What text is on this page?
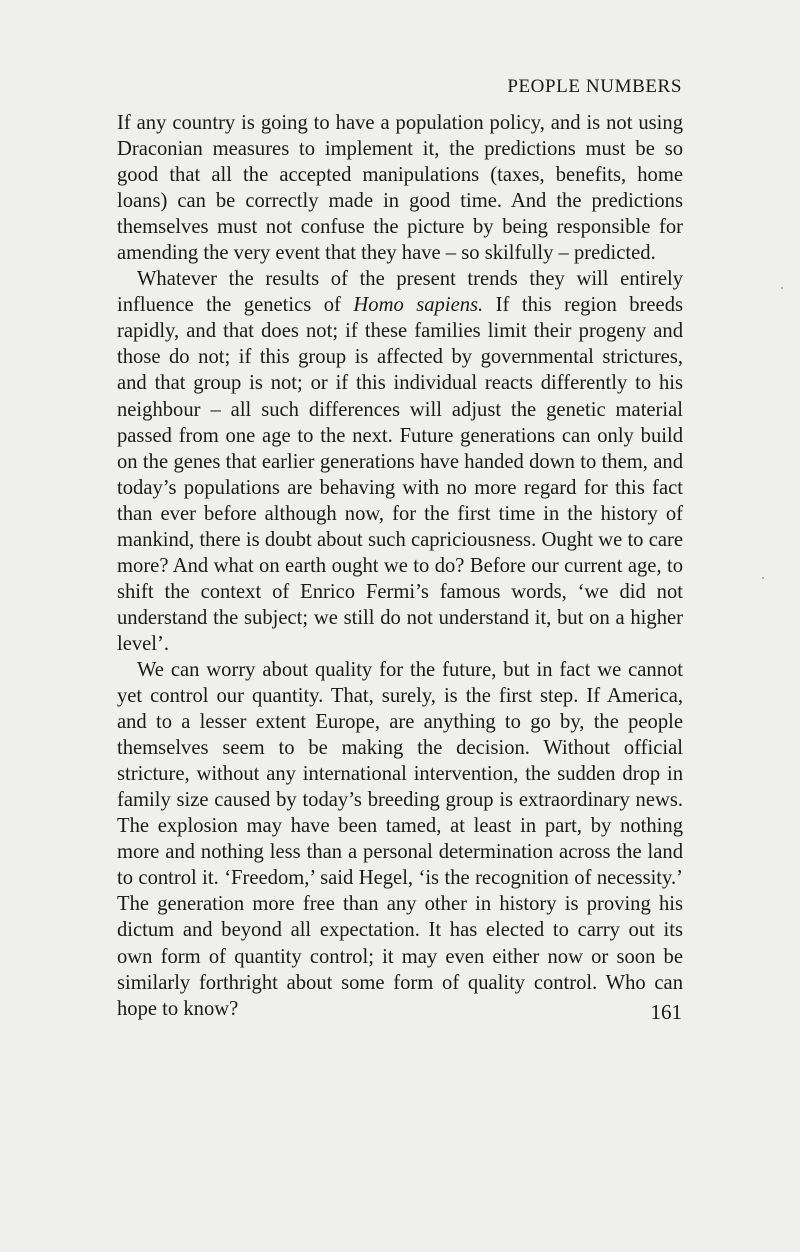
PEOPLE NUMBERS

If any country is going to have a population policy, and is not using Draconian measures to implement it, the predictions must be so good that all the accepted manipulations (taxes, benefits, home loans) can be correctly made in good time. And the predictions themselves must not confuse the picture by being responsible for amending the very event that they have – so skilfully – predicted.

Whatever the results of the present trends they will entirely influence the genetics of Homo sapiens. If this region breeds rapidly, and that does not; if these families limit their progeny and those do not; if this group is affected by governmental strictures, and that group is not; or if this individual reacts differently to his neighbour – all such differences will adjust the genetic material passed from one age to the next. Future generations can only build on the genes that earlier generations have handed down to them, and today’s populations are behaving with no more regard for this fact than ever before although now, for the first time in the history of mankind, there is doubt about such capriciousness. Ought we to care more? And what on earth ought we to do? Before our current age, to shift the context of Enrico Fermi’s famous words, ‘we did not understand the subject; we still do not understand it, but on a higher level’.

We can worry about quality for the future, but in fact we cannot yet control our quantity. That, surely, is the first step. If America, and to a lesser extent Europe, are anything to go by, the people themselves seem to be making the decision. Without official stricture, without any international intervention, the sudden drop in family size caused by today’s breeding group is extraordinary news. The explosion may have been tamed, at least in part, by nothing more and nothing less than a personal determination across the land to control it. ‘Freedom,’ said Hegel, ‘is the recognition of necessity.’ The generation more free than any other in history is proving his dictum and beyond all expectation. It has elected to carry out its own form of quantity control; it may even either now or soon be similarly forthright about some form of quality control. Who can hope to know?	161
